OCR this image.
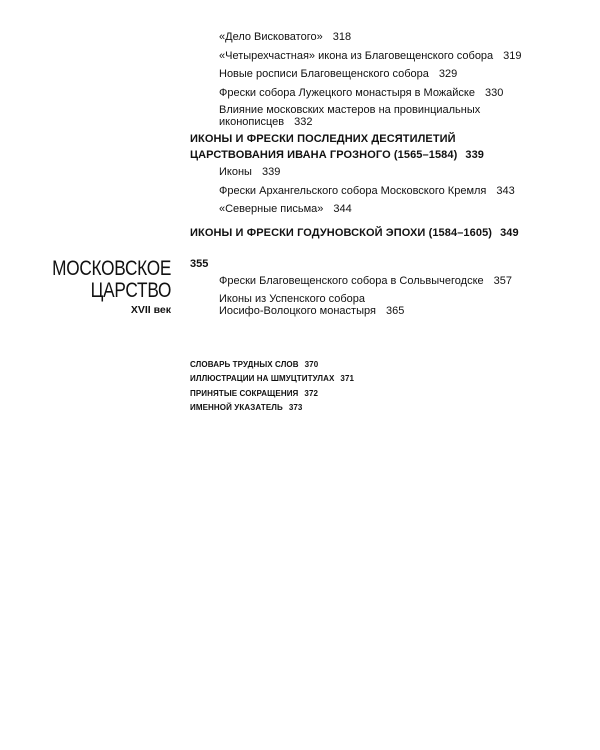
«Дело Висковатого» 318
«Четырехчастная» икона из Благовещенского собора 319
Новые росписи Благовещенского собора 329
Фрески собора Лужецкого монастыря в Можайске 330
Влияние московских мастеров на провинциальных
иконописцев 332
ИКОНЫ И ФРЕСКИ ПОСЛЕДНИХ ДЕСЯТИЛЕТИЙ
ЦАРСТВОВАНИЯ ИВАНА ГРОЗНОГО (1565–1584) 339
Иконы 339
Фрески Архангельского собора Московского Кремля 343
«Северные письма» 344
ИКОНЫ И ФРЕСКИ ГОДУНОВСКОЙ ЭПОХИ (1584–1605) 349
МОСКОВСКОЕ
ЦАРСТВО
XVII век
355
Фрески Благовещенского собора в Сольвычегодске 357
Иконы из Успенского собора
Иосифо-Волоцкого монастыря 365
СЛОВАРЬ ТРУДНЫХ СЛОВ 370
ИЛЛЮСТРАЦИИ НА ШМУЦТИТУЛАХ 371
ПРИНЯТЫЕ СОКРАЩЕНИЯ 372
ИМЕННОЙ УКАЗАТЕЛЬ 373
